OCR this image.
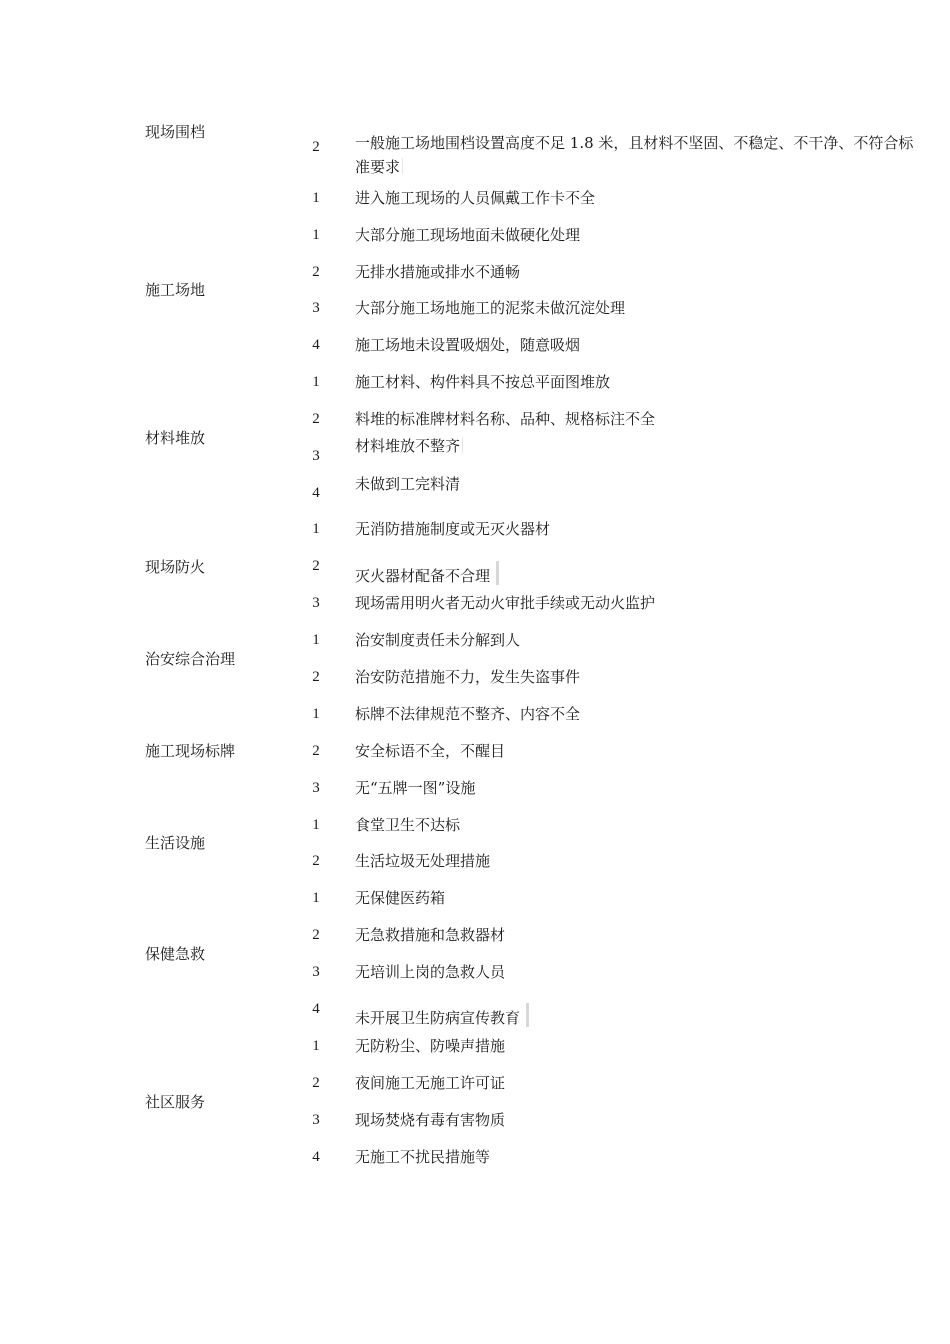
现场围档
2 一般施工场地围档设置高度不足 1.8 米，且材料不坚固、不稳定、不干净、不符合标准要求
1 进入施工现场的人员佩戴工作卡不全
施工场地
1 大部分施工现场地面未做硬化处理
2 无排水措施或排水不通畅
3 大部分施工场地施工的泥浆未做沉淀处理
4 施工场地未设置吸烟处，随意吸烟
材料堆放
1 施工材料、构件料具不按总平面图堆放
2 料堆的标准牌材料名称、品种、规格标注不全
3
材料堆放不整齐
4 未做到工完料清
现场防火
1 无消防措施制度或无灭火器材
2
灭火器材配备不合理
3 现场需用明火者无动火审批手续或无动火监护
治安综合治理
1 治安制度责任未分解到人
2 治安防范措施不力，发生失盗事件
施工现场标牌
1 标牌不法律规范不整齐、内容不全
2 安全标语不全，不醒目
3 无“五牌一图”设施
生活设施
1 食堂卫生不达标
2 生活垃圾无处理措施
保健急救
1 无保健医药箱
2 无急救措施和急救器材
3 无培训上岗的急救人员
4 未开展卫生防病宣传教育
社区服务
1 无防粉尘、防噪声措施
2 夜间施工无施工许可证
3 现场焚烧有毒有害物质
4 无施工不扰民措施等
